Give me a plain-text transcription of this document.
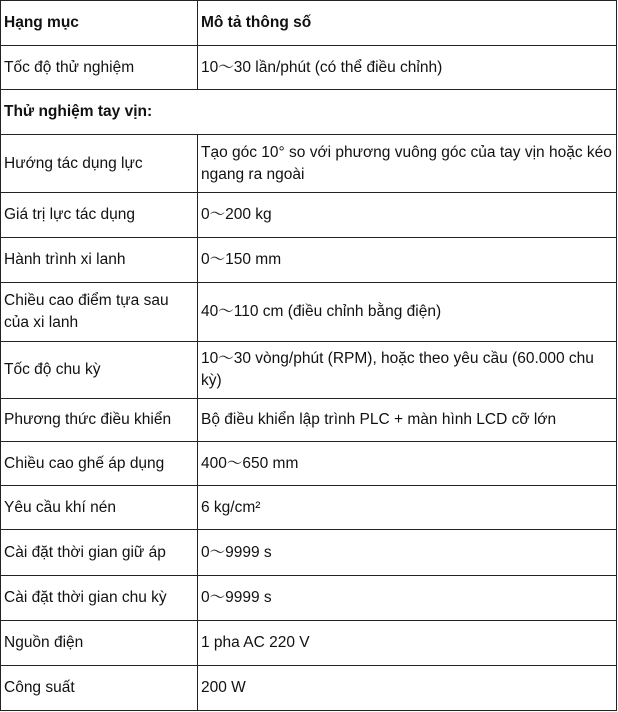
Hạng mục	Mô tả thông số
Tốc độ thử nghiệm	10～30 lần/phút (có thể điều chỉnh)
Thử nghiệm tay vịn:	
Hướng tác dụng lực	Tạo góc 10° so với phương vuông góc của tay vịn hoặc kéo ngang ra ngoài
Giá trị lực tác dụng	0～200 kg
Hành trình xi lanh	0～150 mm
Chiều cao điểm tựa sau của xi lanh	40～110 cm (điều chỉnh bằng điện)
Tốc độ chu kỳ	10～30 vòng/phút (RPM), hoặc theo yêu cầu (60.000 chu kỳ)
Phương thức điều khiển	Bộ điều khiển lập trình PLC + màn hình LCD cỡ lớn
Chiều cao ghế áp dụng	400～650 mm
Yêu cầu khí nén	6 kg/cm²
Cài đặt thời gian giữ áp	0～9999 s
Cài đặt thời gian chu kỳ	0～9999 s
Nguồn điện	1 pha AC 220 V
Công suất	200 W
